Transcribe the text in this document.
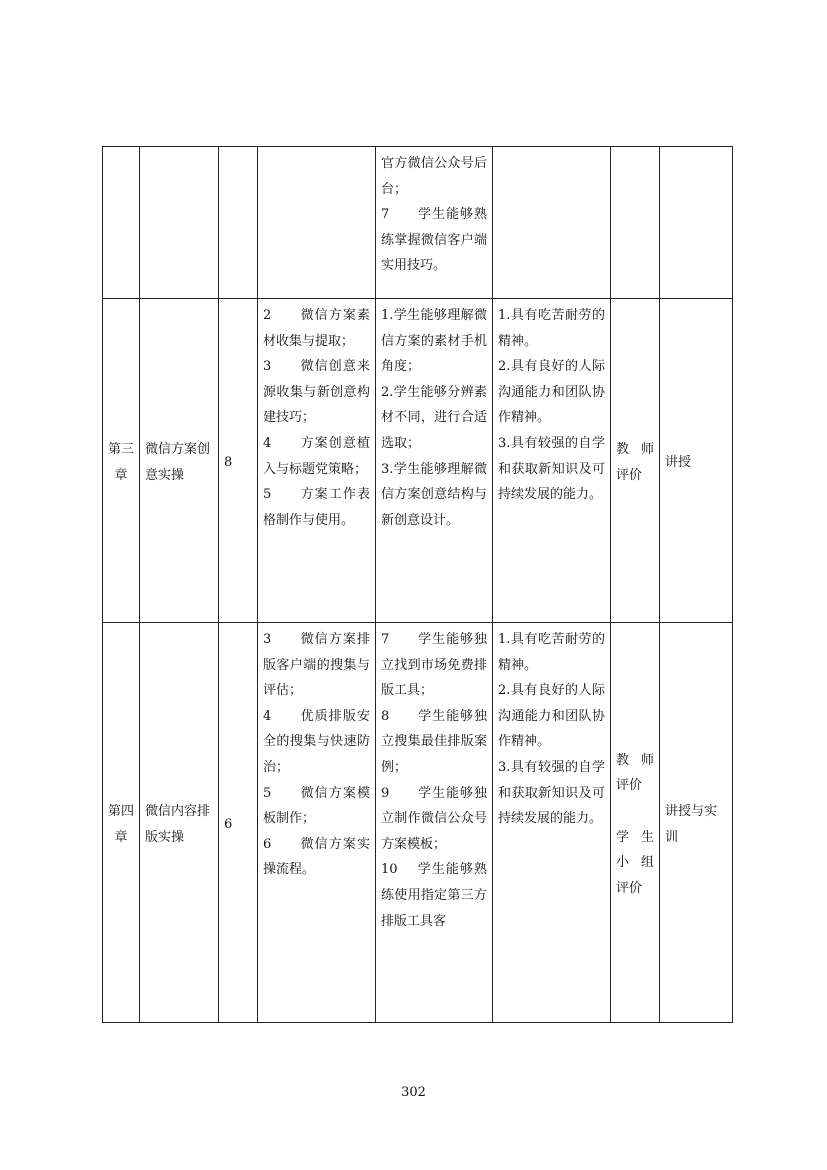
				官方微信公众号后台；
7　　学生能够熟练掌握微信客户端实用技巧。			

第三章	微信方案创意实操	8	2　　微信方案素材收集与提取；
3　　微信创意来源收集与新创意构建技巧；
4　　方案创意植入与标题党策略；
5　　方案工作表格制作与使用。	1.学生能够理解微信方案的素材手机角度；
2.学生能够分辨素材不同，进行合适选取；
3.学生能够理解微信方案创意结构与新创意设计。	1.具有吃苦耐劳的精神。
2.具有良好的人际沟通能力和团队协作精神。
3.具有较强的自学和获取新知识及可持续发展的能力。	教师评价	讲授
第四章	微信内容排版实操	6	3　　微信方案排版客户端的搜集与评估；
4　　优质排版安全的搜集与快速防治；
5　　微信方案模板制作；
6　　微信方案实操流程。	7　　学生能够独立找到市场免费排版工具；
8　　学生能够独立搜集最佳排版案例；
9　　学生能够独立制作微信公众号方案模板；
10　 学生能够熟练使用指定第三方排版工具客	1.具有吃苦耐劳的精神。
2.具有良好的人际沟通能力和团队协作精神。
3.具有较强的自学和获取新知识及可持续发展的能力。	教师评价
学生小组评价	讲授与实训
302
